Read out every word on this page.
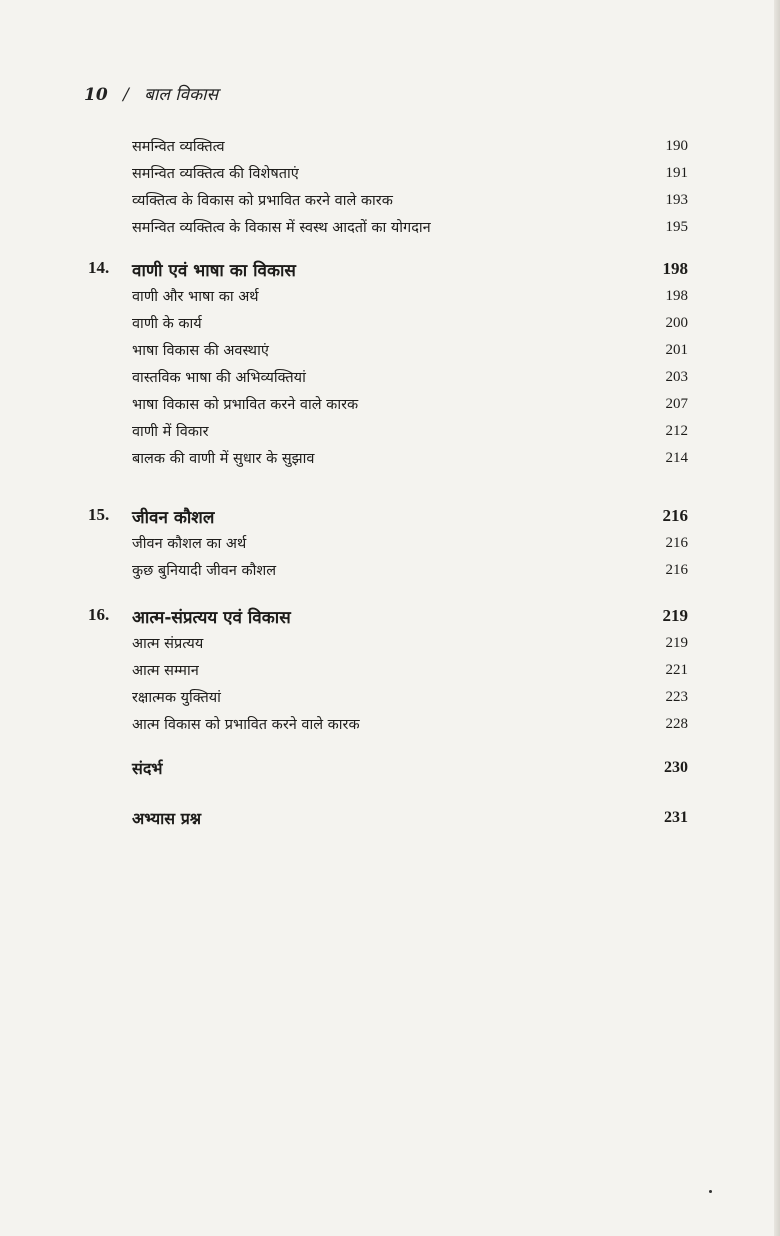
10 / बाल विकास
समन्वित व्यक्तित्व	190
समन्वित व्यक्तित्व की विशेषताएं	191
व्यक्तित्व के विकास को प्रभावित करने वाले कारक	193
समन्वित व्यक्तित्व के विकास में स्वस्थ आदतों का योगदान	195
14. वाणी एवं भाषा का विकास	198
वाणी और भाषा का अर्थ	198
वाणी के कार्य	200
भाषा विकास की अवस्थाएं	201
वास्तविक भाषा की अभिव्यक्तियां	203
भाषा विकास को प्रभावित करने वाले कारक	207
वाणी में विकार	212
बालक की वाणी में सुधार के सुझाव	214
15. जीवन कौशल	216
जीवन कौशल का अर्थ	216
कुछ बुनियादी जीवन कौशल	216
16. आत्म-संप्रत्यय एवं विकास	219
आत्म संप्रत्यय	219
आत्म सम्मान	221
रक्षात्मक युक्तियां	223
आत्म विकास को प्रभावित करने वाले कारक	228
संदर्भ	230
अभ्यास प्रश्न	231
